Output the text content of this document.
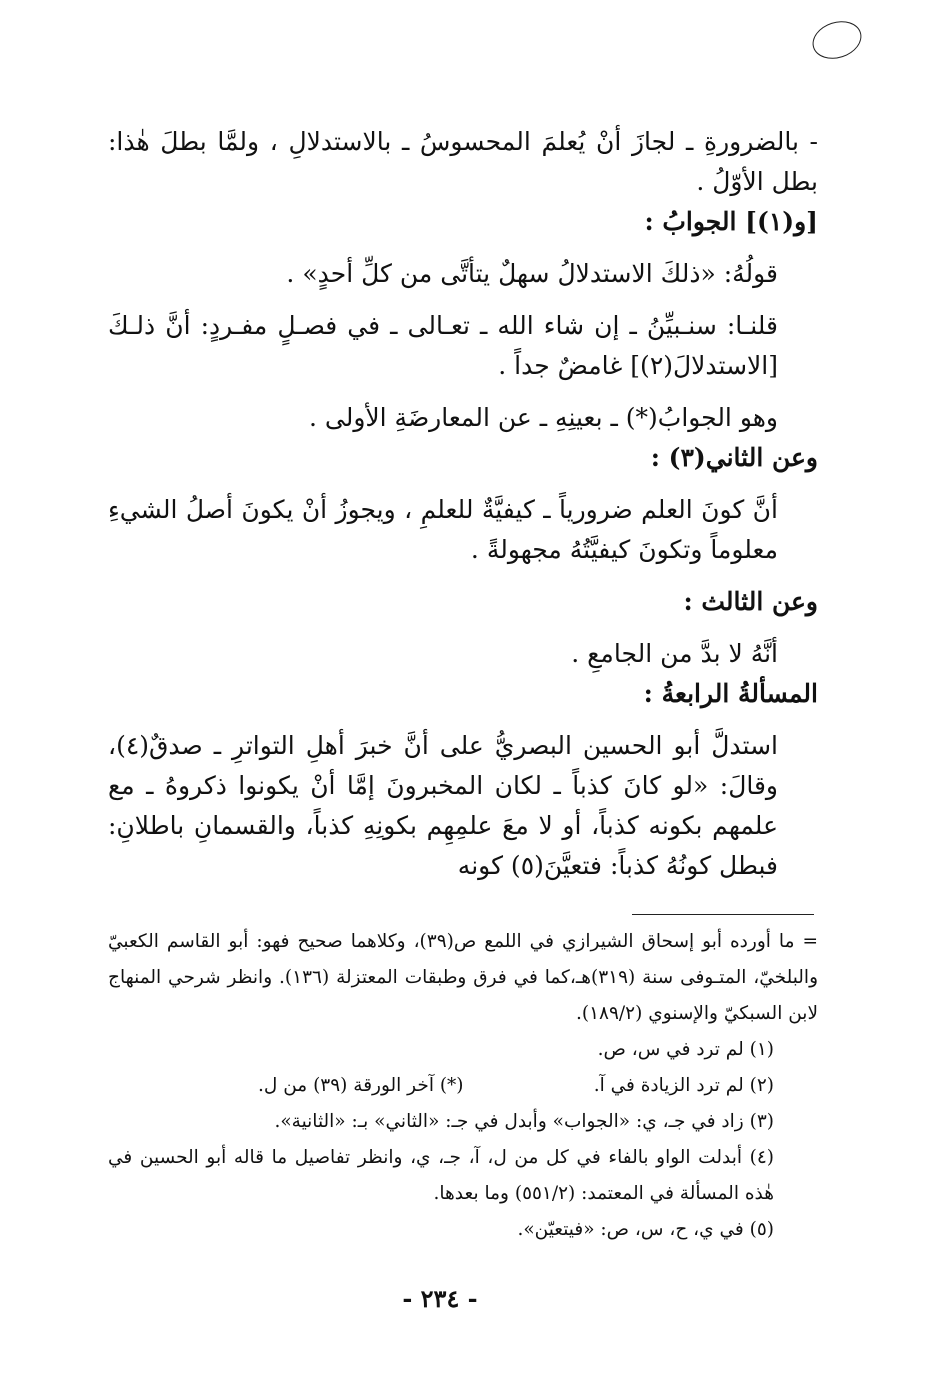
- بالضرورةِ ـ لجازَ أنْ يُعلمَ المحسوسُ ـ بالاستدلالِ ، ولمَّا بطلَ هٰذا: بطل الأوّلُ .

[و(١)] الجوابُ :

قولُهُ: «ذلكَ الاستدلالُ سهلٌ يتأتَّى من كلِّ أحدٍ» .

قلنـا: سنـبيِّنُ ـ إن شاء الله ـ تعـالى ـ في فصـلٍ مفـردٍ: أنَّ ذلـكَ [الاستدلالَ(٢)] غامضٌ جداً .

وهو الجوابُ(*) ـ بعينِهِ ـ عن المعارضَةِ الأولى .

وعن الثاني(٣) :

أنَّ كونَ العلم ضرورياً ـ كيفيَّةٌ للعلمِ ، ويجوزُ أنْ يكونَ أصلُ الشيءِ معلوماً وتكونَ كيفيَّتُهُ مجهولةً .

وعن الثالث :

أنَّهُ لا بدَّ من الجامعِ .

المسألةُ الرابعةُ :

استدلَّ أبو الحسين البصريُّ على أنَّ خبرَ أهلِ التواترِ ـ صدقٌ(٤)، وقالَ: «لو كانَ كذباً ـ لكان المخبرونَ إمَّا أنْ يكونوا ذكروهُ ـ مع علمهم بكونه كذباً، أو لا معَ علمِهِم بكونِهِ كذباً، والقسمانِ باطلانِ: فبطل كونُهُ كذباً: فتعيَّنَ(٥) كونه

= ما أورده أبو إسحاق الشيرازي في اللمع ص(٣٩)، وكلاهما صحيح فهو: أبو القاسم الكعبيّ والبلخيّ، المتـوفى سنة (٣١٩)هـ،كما في فرق وطبقات المعتزلة (١٣٦). وانظر شرحي المنهاج لابن السبكيّ والإسنوي (١٨٩/٢).

(١) لم ترد في س، ص.

(٢) لم ترد الزيادة في آ.
(*) آخر الورقة (٣٩) من ل.

(٣) زاد في جـ، ي: «الجواب» وأبدل في جـ: «الثاني» بـ: «الثانية».

(٤) أبدلت الواو بالفاء في كل من ل، آ، جـ، ي، وانظر تفاصيل ما قاله أبو الحسين في هٰذه المسألة في المعتمد: (٥٥١/٢) وما بعدها.

(٥) في ي، ح، س، ص: «فيتعيّن».

- ٢٣٤ -
